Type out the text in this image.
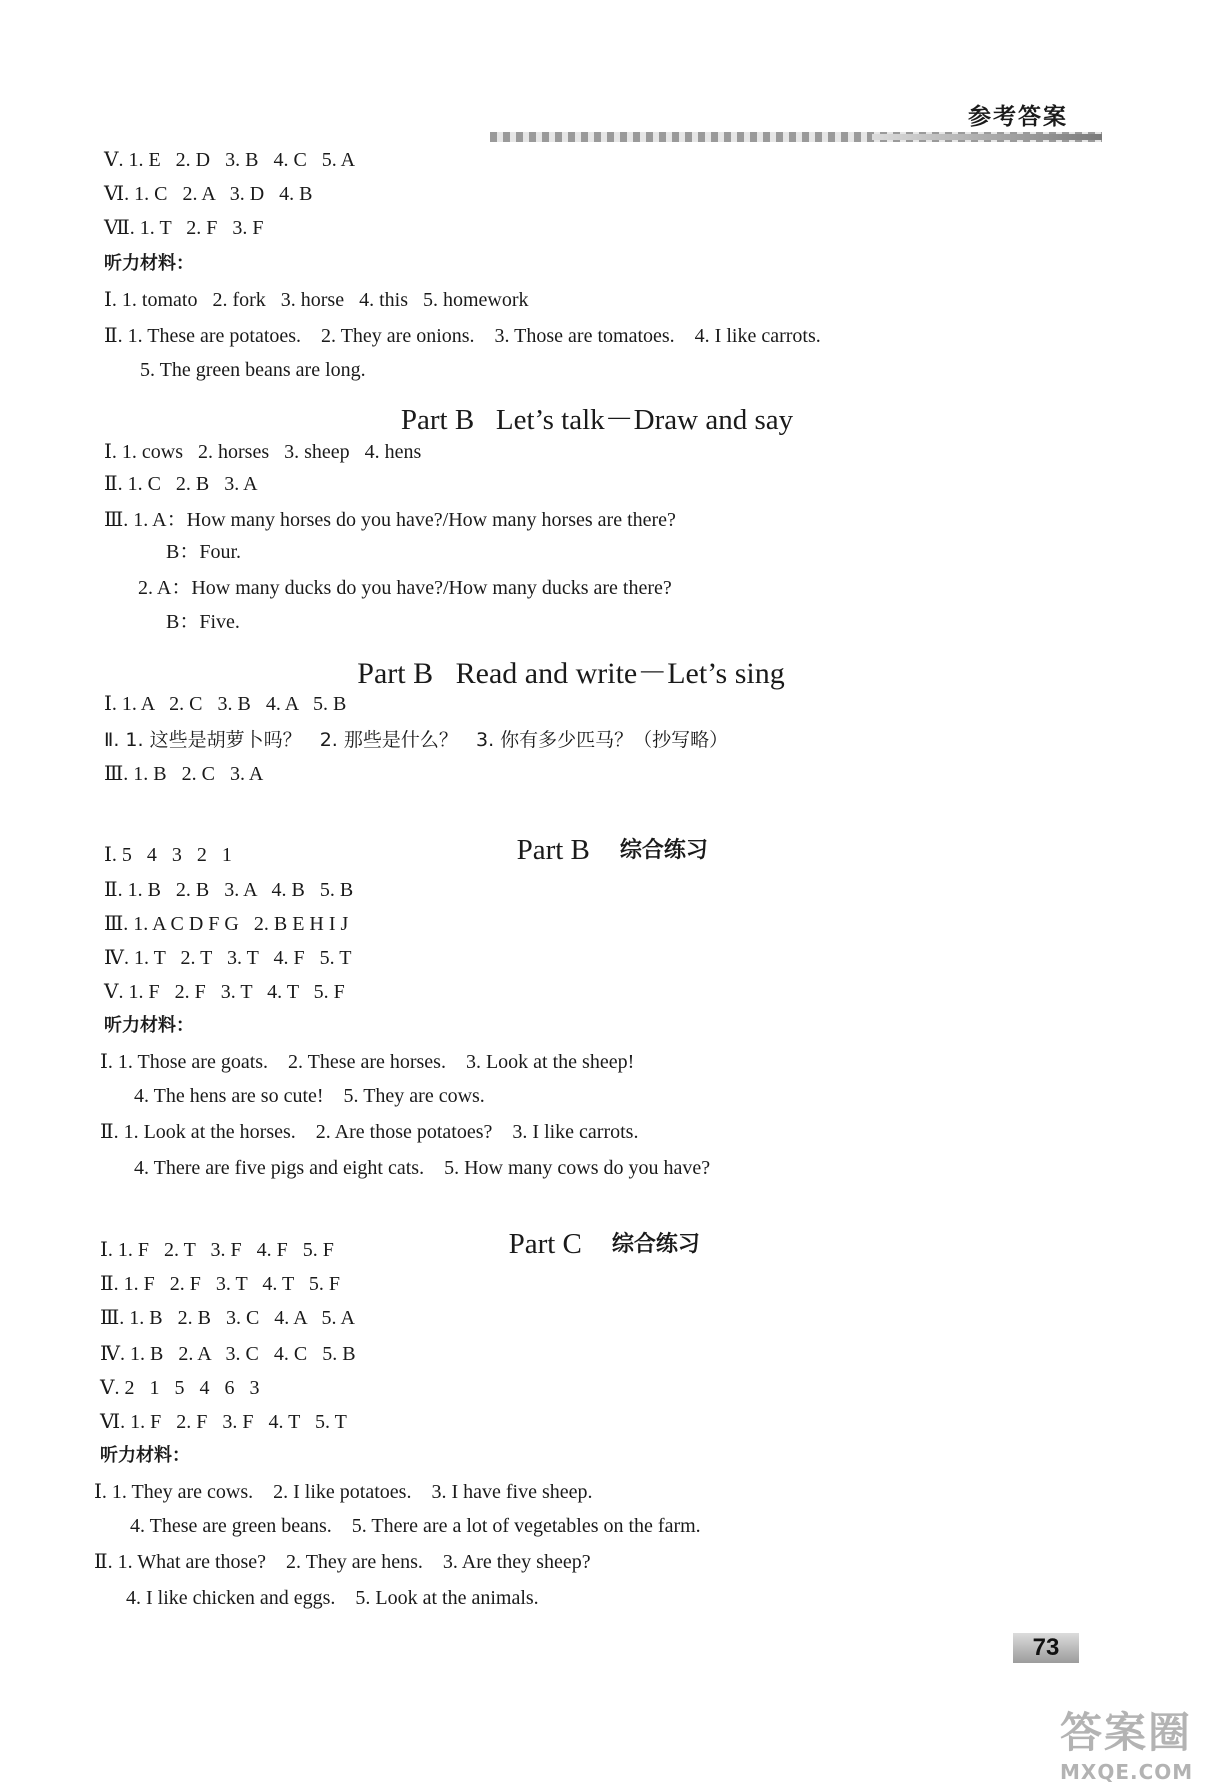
参考答案
Ⅴ. 1. E   2. D   3. B   4. C   5. A
Ⅵ. 1. C   2. A   3. D   4. B
Ⅶ. 1. T   2. F   3. F
听力材料：
Ⅰ. 1. tomato   2. fork   3. horse   4. this   5. homework
Ⅱ. 1. These are potatoes.    2. They are onions.    3. Those are tomatoes.    4. I like carrots.
5. The green beans are long.
Part B   Let’s talk－Draw and say
Ⅰ. 1. cows   2. horses   3. sheep   4. hens
Ⅱ. 1. C   2. B   3. A
Ⅲ. 1. A：How many horses do you have?/How many horses are there?
B：Four.
2. A：How many ducks do you have?/How many ducks are there?
B：Five.
Part B   Read and write－Let’s sing
Ⅰ. 1. A   2. C   3. B   4. A   5. B
Ⅱ. 1. 这些是胡萝卜吗？   2. 那些是什么？   3. 你有多少匹马？（抄写略）
Ⅲ. 1. B   2. C   3. A

Part B 综合练习

Ⅰ. 5   4   3   2   1
Ⅱ. 1. B   2. B   3. A   4. B   5. B
Ⅲ. 1. A C D F G   2. B E H I J
Ⅳ. 1. T   2. T   3. T   4. F   5. T
Ⅴ. 1. F   2. F   3. T   4. T   5. F
听力材料：
Ⅰ. 1. Those are goats.    2. These are horses.    3. Look at the sheep!
4. The hens are so cute!    5. They are cows.
Ⅱ. 1. Look at the horses.    2. Are those potatoes?    3. I like carrots.
4. There are five pigs and eight cats.    5. How many cows do you have?

Part C 综合练习

Ⅰ. 1. F   2. T   3. F   4. F   5. F
Ⅱ. 1. F   2. F   3. T   4. T   5. F
Ⅲ. 1. B   2. B   3. C   4. A   5. A
Ⅳ. 1. B   2. A   3. C   4. C   5. B
Ⅴ. 2   1   5   4   6   3
Ⅵ. 1. F   2. F   3. F   4. T   5. T
听力材料：
Ⅰ. 1. They are cows.    2. I like potatoes.    3. I have five sheep.
4. These are green beans.    5. There are a lot of vegetables on the farm.
Ⅱ. 1. What are those?    2. They are hens.    3. Are they sheep?
4. I like chicken and eggs.    5. Look at the animals.
73
答案圈
MXQE.COM
